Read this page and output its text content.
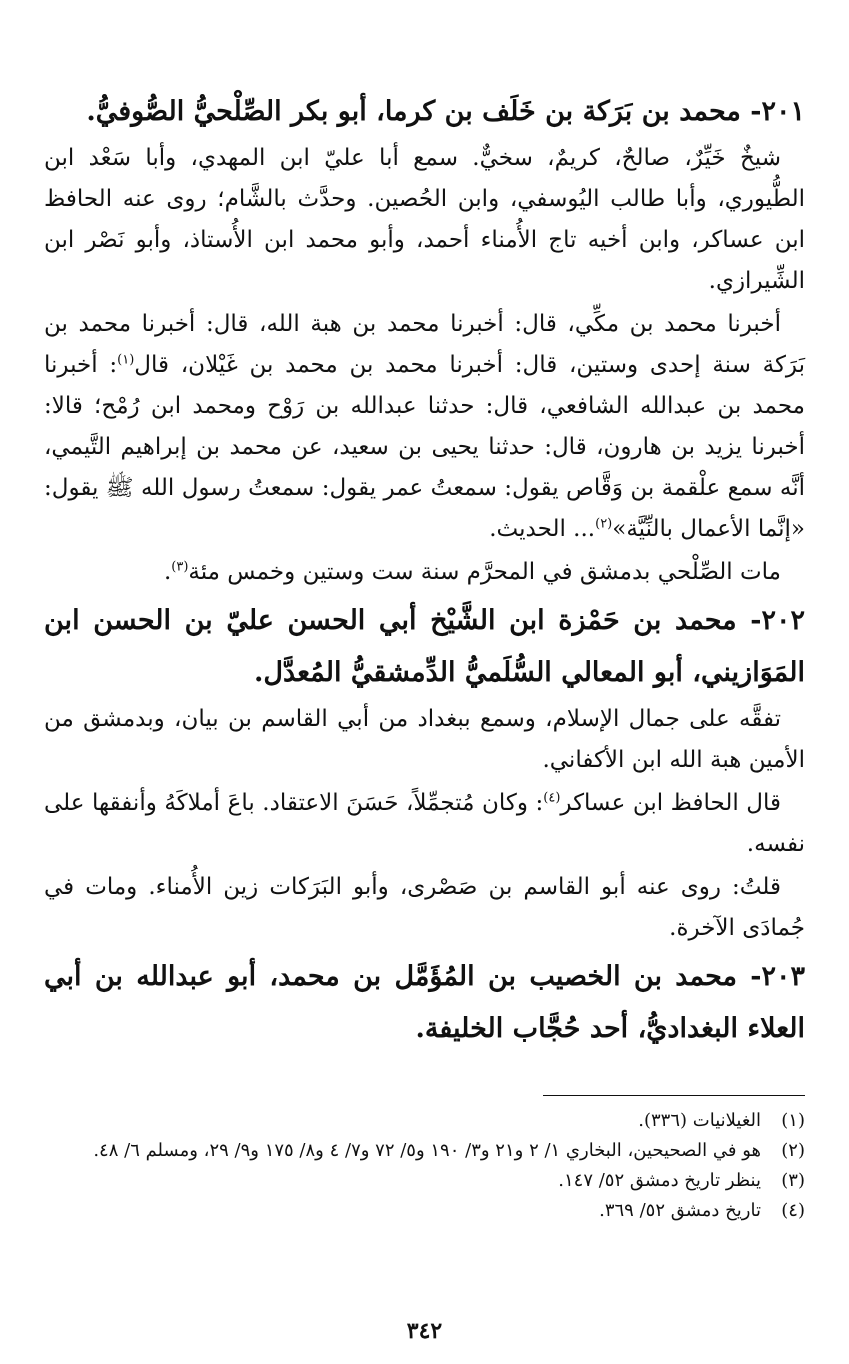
٢٠١- محمد بن بَرَكة بن خَلَف بن كرما، أبو بكر الصِّلْحيُّ الصُّوفيُّ.

شيخٌ خَيِّرٌ، صالحٌ، كريمٌ، سخيٌّ. سمع أبا عليّ ابن المهدي، وأبا سَعْد ابن الطُّيوري، وأبا طالب اليُوسفي، وابن الحُصين. وحدَّث بالشَّام؛ روى عنه الحافظ ابن عساكر، وابن أخيه تاج الأُمناء أحمد، وأبو محمد ابن الأُستاذ، وأبو نَصْر ابن الشِّيرازي.

أخبرنا محمد بن مكِّي، قال: أخبرنا محمد بن هبة الله، قال: أخبرنا محمد بن بَرَكة سنة إحدى وستين، قال: أخبرنا محمد بن محمد بن غَيْلان، قال$^{(١)}$: أخبرنا محمد بن عبدالله الشافعي، قال: حدثنا عبدالله بن رَوْح ومحمد ابن رُمْح؛ قالا: أخبرنا يزيد بن هارون، قال: حدثنا يحيى بن سعيد، عن محمد بن إبراهيم التَّيمي، أنَّه سمع علْقمة بن وَقَّاص يقول: سمعتُ عمر يقول: سمعتُ رسول الله ﷺ يقول: «إنَّما الأعمال بالنِّيَّة»$^{(٢)}$... الحديث.

مات الصِّلْحي بدمشق في المحرَّم سنة ست وستين وخمس مئة$^{(٣)}$.

٢٠٢- محمد بن حَمْزة ابن الشَّيْخ أبي الحسن عليّ بن الحسن ابن المَوَازيني، أبو المعالي السُّلَميُّ الدِّمشقيُّ المُعدَّل.

تفقَّه على جمال الإسلام، وسمع ببغداد من أبي القاسم بن بيان، وبدمشق من الأمين هبة الله ابن الأكفاني.

قال الحافظ ابن عساكر$^{(٤)}$: وكان مُتجمِّلاً، حَسَنَ الاعتقاد. باعَ أملاكَهُ وأنفقها على نفسه.

قلتُ: روى عنه أبو القاسم بن صَصْرى، وأبو البَرَكات زين الأُمناء. ومات في جُمادَى الآخرة.

٢٠٣- محمد بن الخصيب بن المُؤَمَّل بن محمد، أبو عبدالله بن أبي العلاء البغداديُّ، أحد حُجَّاب الخليفة.
(١)
الغيلانيات (٣٣٦).
(٢)
هو في الصحيحين، البخاري ١/ ٢ و٢١ و٣/ ١٩٠ و٥/ ٧٢ و٧/ ٤ و٨/ ١٧٥ و٩/ ٢٩، ومسلم ٦/ ٤٨.
(٣)
ينظر تاريخ دمشق ٥٢/ ١٤٧.
(٤)
تاريخ دمشق ٥٢/ ٣٦٩.
٣٤٢
